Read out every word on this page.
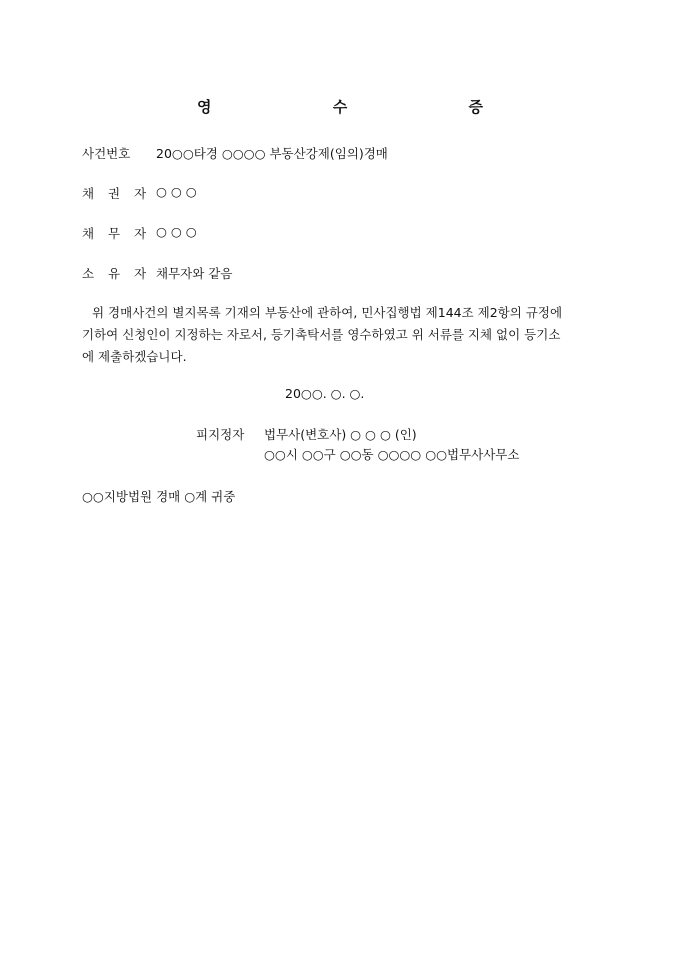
영 수 증
사건번호 20○○타경 ○○○○ 부동산강제(임의)경매
채 권 자 ○ ○ ○
채 무 자 ○ ○ ○
소 유 자 채무자와 같음
위 경매사건의 별지목록 기재의 부동산에 관하여, 민사집행법 제144조 제2항의 규정에
기하여 신청인이 지정하는 자로서, 등기촉탁서를 영수하였고 위 서류를 지체 없이 등기소
에 제출하겠습니다.
20○○. ○. ○.
피지정자 법무사(변호사) ○ ○ ○ (인)
○○시 ○○구 ○○동 ○○○○ ○○법무사사무소
○○지방법원 경매 ○계 귀중
